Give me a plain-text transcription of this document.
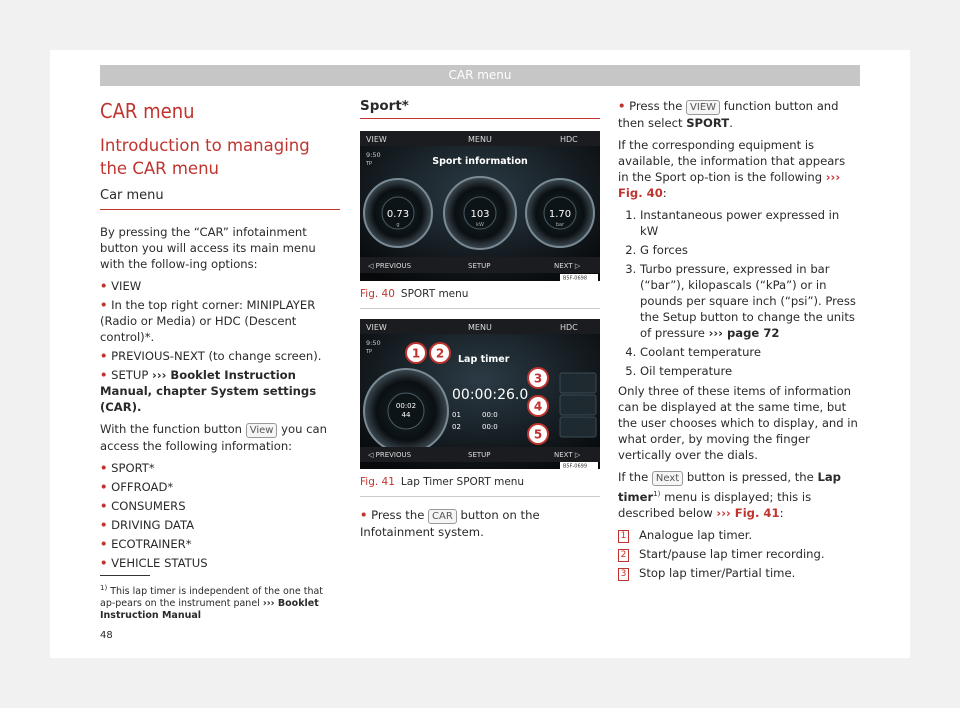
CAR menu
CAR menu
Introduction to managing the CAR menu
Car menu

By pressing the “CAR” infotainment button you will access its main menu with the follow-ing options:

• VIEW

• In the top right corner: MINIPLAYER (Radio or Media) or HDC (Descent control)*.

• PREVIOUS-NEXT (to change screen).

• SETUP ››› Booklet Instruction Manual, chapter System settings (CAR).

With the function button View you can access the following information:

• SPORT*

• OFFROAD*

• CONSUMERS

• DRIVING DATA

• ECOTRAINER*

• VEHICLE STATUS

Sport*
VIEW	MENU	HDC
9:50
TP	Sport information
0.73
g
103
kW
1.70
bar
◁ PREVIOUS	SETUP	NEXT ▷
B5F-0698

Fig. 40 SPORT menu

VIEW	MENU	HDC
9:50
TP
Lap timer
00:02
44
00:00:26.0
01	00:0
02	00:0
1 2
3
4
5
◁ PREVIOUS	SETUP	NEXT ▷
B5F-0699

Fig. 41 Lap Timer SPORT menu

• Press the CAR button on the Infotainment system.

• Press the VIEW function button and then select SPORT.

If the corresponding equipment is available, the information that appears in the Sport op-tion is the following ››› Fig. 40:

1. Instantaneous power expressed in kW
2. G forces
3. Turbo pressure, expressed in bar (“bar”), kilopascals (“kPa”) or in pounds per square inch (“psi”). Press the Setup button to change the units of pressure ››› page 72
4. Coolant temperature
5. Oil temperature

Only three of these items of information can be displayed at the same time, but the user chooses which to display, and in what order, by moving the finger vertically over the dials.

If the Next button is pressed, the Lap timer$^{1)}$ menu is displayed; this is described below ››› Fig. 41:

1 Analogue lap timer.

2 Start/pause lap timer recording.

3 Stop lap timer/Partial time.

$^{1)}$ This lap timer is independent of the one that ap-pears on the instrument panel ››› Booklet Instruction Manual
48
